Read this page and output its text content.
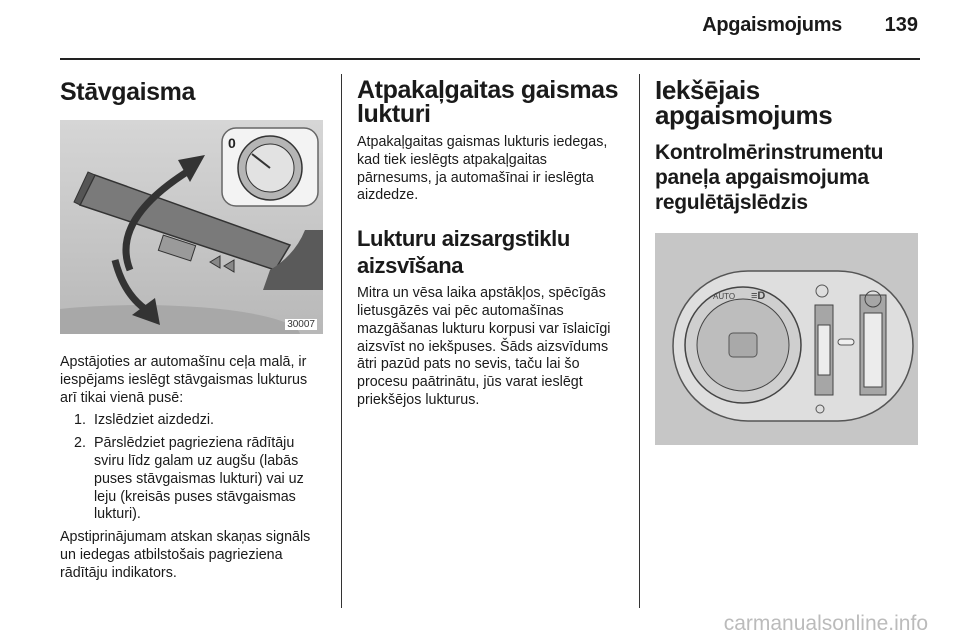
Apgaismojums 139
Stāvgaisma
0
30007

Apstājoties ar automašīnu ceļa malā, ir iespējams ieslēgt stāvgaismas lukturus arī tikai vienā pusē:

1. Izslēdziet aizdedzi.
2. Pārslēdziet pagrieziena rādītāju sviru līdz galam uz augšu (labās puses stāvgaismas lukturi) vai uz leju (kreisās puses stāvgaismas lukturi).

Apstiprinājumam atskan skaņas signāls un iedegas atbilstošais pagrieziena rādītāju indikators.

Atpakaļgaitas gaismas lukturi

Atpakaļgaitas gaismas lukturis iedegas, kad tiek ieslēgts atpakaļgaitas pārnesums, ja automašīnai ir ieslēgta aizdedze.

Lukturu aizsargstiklu aizsvīšana

Mitra un vēsa laika apstākļos, spēcīgās lietusgāzēs vai pēc automašīnas mazgāšanas lukturu korpusi var īslaicīgi aizsvīst no iekšpuses. Šāds aizsvīdums ātri pazūd pats no sevis, taču lai šo procesu paātrinātu, jūs varat ieslēgt priekšējos lukturus.

Iekšējais apgaismojums
Kontrolmērinstrumentu paneļa apgaismojuma regulētājslēdzis
AUTO ≡D
carmanualsonline.info
